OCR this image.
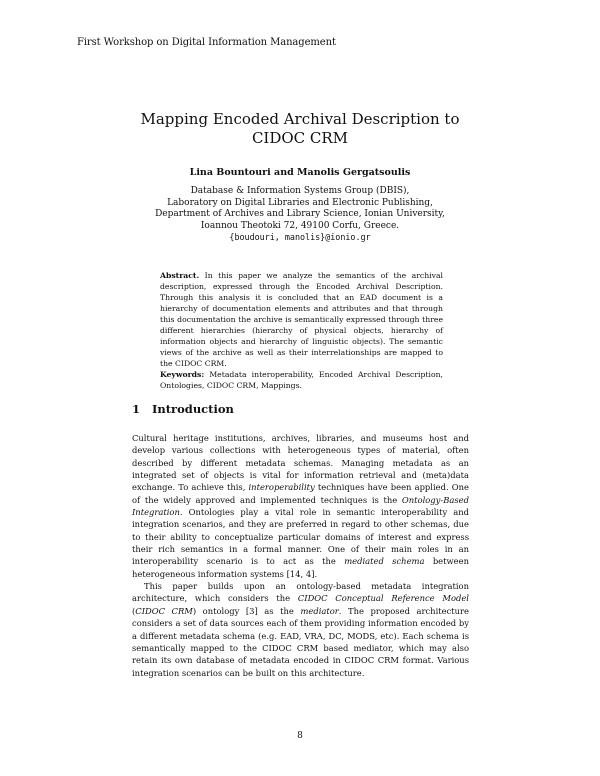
First Workshop on Digital Information Management
Mapping Encoded Archival Description to
CIDOC CRM
Lina Bountouri and Manolis Gergatsoulis
Database & Information Systems Group (DBIS),
Laboratory on Digital Libraries and Electronic Publishing,
Department of Archives and Library Science, Ionian University,
Ioannou Theotoki 72, 49100 Corfu, Greece.
{boudouri, manolis}@ionio.gr

Abstract. In this paper we analyze the semantics of the archival description, expressed through the Encoded Archival Description. Through this analysis it is concluded that an EAD document is a hierarchy of documentation elements and attributes and that through this documentation the archive is semantically expressed through three different hierarchies (hierarchy of physical objects, hierarchy of information objects and hierarchy of linguistic objects). The semantic views of the archive as well as their interrelationships are mapped to the CIDOC CRM.

Keywords: Metadata interoperability, Encoded Archival Description, Ontologies, CIDOC CRM, Mappings.

1 Introduction

Cultural heritage institutions, archives, libraries, and museums host and develop various collections with heterogeneous types of material, often described by different metadata schemas. Managing metadata as an integrated set of objects is vital for information retrieval and (meta)data exchange. To achieve this, interoperability techniques have been applied. One of the widely approved and implemented techniques is the Ontology-Based Integration. Ontologies play a vital role in semantic interoperability and integration scenarios, and they are preferred in regard to other schemas, due to their ability to conceptualize particular domains of interest and express their rich semantics in a formal manner. One of their main roles in an interoperability scenario is to act as the mediated schema between heterogeneous information systems [14, 4].

This paper builds upon an ontology-based metadata integration architecture, which considers the CIDOC Conceptual Reference Model (CIDOC CRM) ontology [3] as the mediator. The proposed architecture considers a set of data sources each of them providing information encoded by a different metadata schema (e.g. EAD, VRA, DC, MODS, etc). Each schema is semantically mapped to the CIDOC CRM based mediator, which may also retain its own database of metadata encoded in CIDOC CRM format. Various integration scenarios can be built on this architecture.

8
